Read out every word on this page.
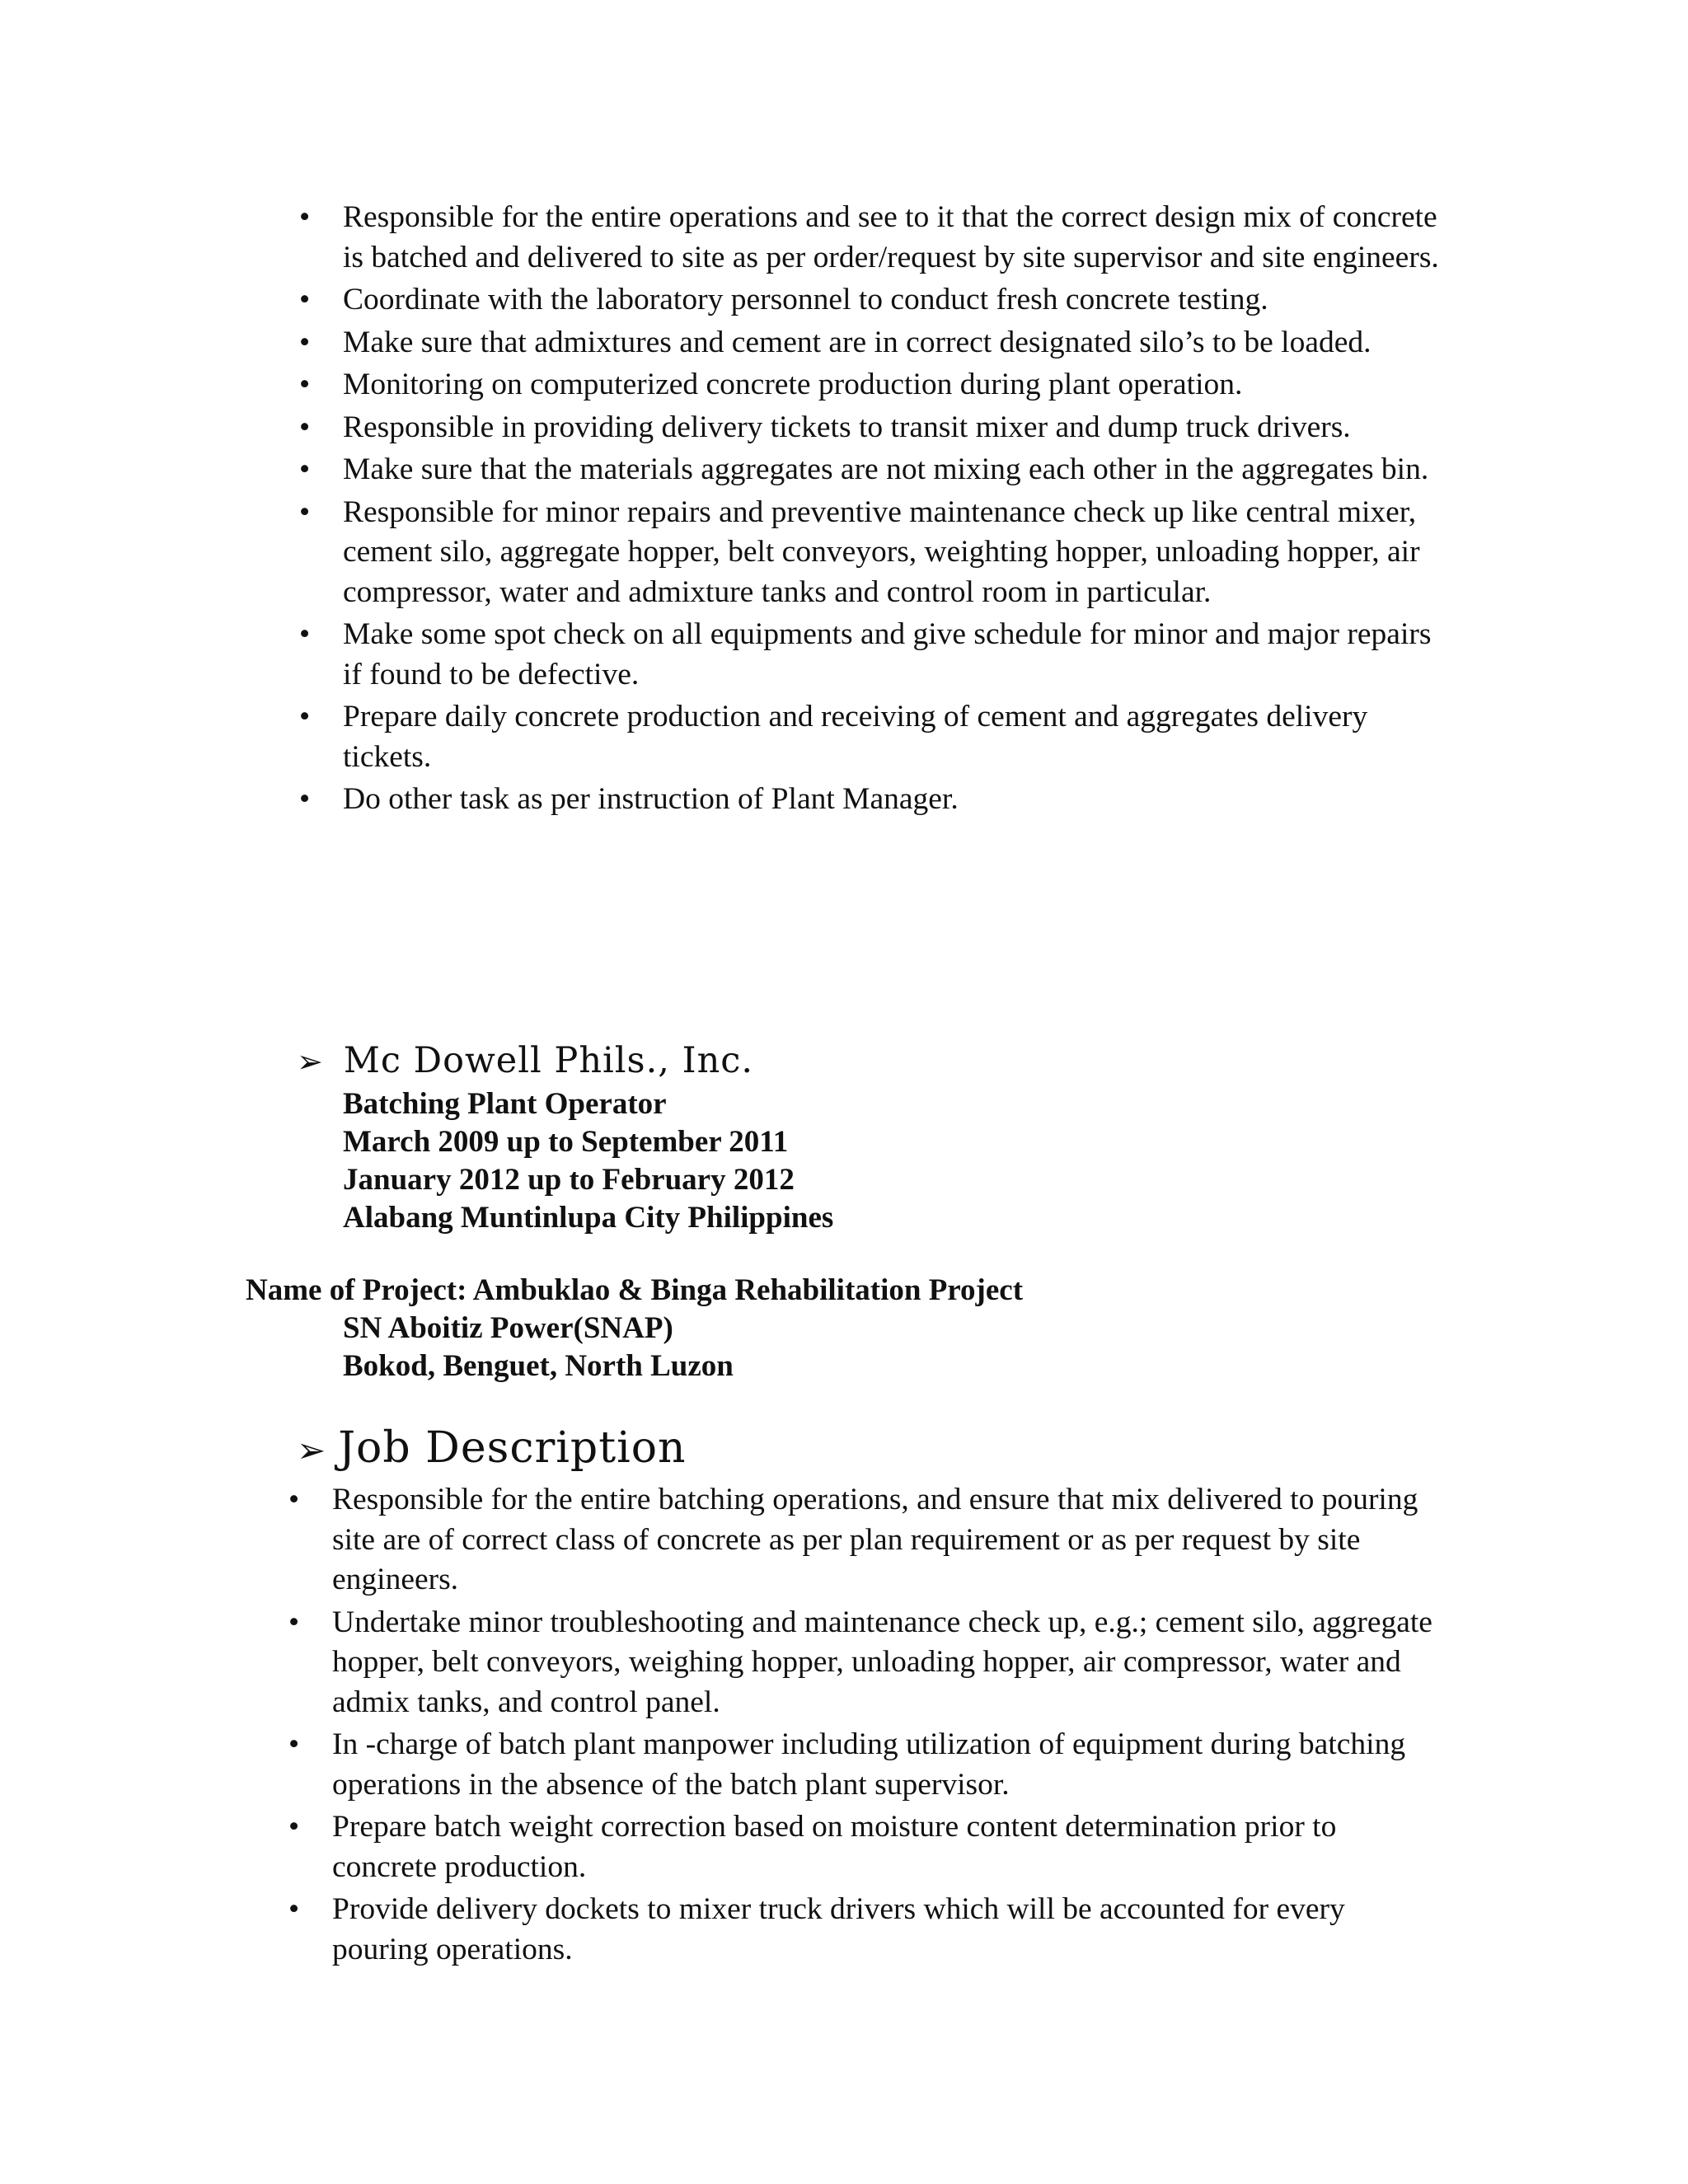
• Responsible for the entire operations and see to it that the correct design mix of concrete is batched and delivered to site as per order/request by site supervisor and site engineers.
• Coordinate with the laboratory personnel to conduct fresh concrete testing.
• Make sure that admixtures and cement are in correct designated silo’s to be loaded.
• Monitoring on computerized concrete production during plant operation.
• Responsible in providing delivery tickets to transit mixer and dump truck drivers.
• Make sure that the materials aggregates are not mixing each other in the aggregates bin.
• Responsible for minor repairs and preventive maintenance check up like central mixer, cement silo, aggregate hopper, belt conveyors, weighting hopper, unloading hopper, air compressor, water and admixture tanks and control room in particular.
• Make some spot check on all equipments and give schedule for minor and major repairs if found to be defective.
• Prepare daily concrete production and receiving of cement and aggregates delivery tickets.
• Do other task as per instruction of Plant Manager.
➢ Mc Dowell Phils., Inc.
Batching Plant Operator
March 2009 up to September 2011
January 2012 up to February 2012
Alabang Muntinlupa City Philippines
Name of Project: Ambuklao & Binga Rehabilitation Project
SN Aboitiz Power(SNAP)
Bokod, Benguet, North Luzon
➢ Job Description
• Responsible for the entire batching operations, and ensure that mix delivered to pouring site are of correct class of concrete as per plan requirement or as per request by site engineers.
• Undertake minor troubleshooting and maintenance check up, e.g.; cement silo, aggregate hopper, belt conveyors, weighing hopper, unloading hopper, air compressor, water and admix tanks, and control panel.
• In -charge of batch plant manpower including utilization of equipment during batching operations in the absence of the batch plant supervisor.
• Prepare batch weight correction based on moisture content determination prior to concrete production.
• Provide delivery dockets to mixer truck drivers which will be accounted for every pouring operations.
